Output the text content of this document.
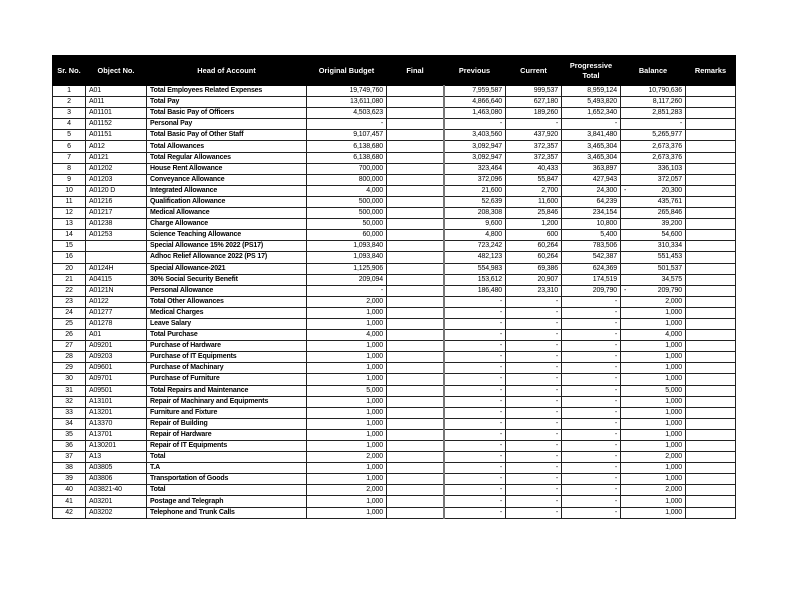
Sr. No.	Object No.	Head of Account	Original Budget	Final	Previous	Current	Progressive Total	Balance	Remarks
1	A01	Total Employees Related Expenses	19,749,760		7,959,587	999,537	8,959,124	10,790,636	
2	A011	Total Pay	13,611,080		4,866,640	627,180	5,493,820	8,117,260	
3	A01101	Total Basic Pay of Officers	4,503,623		1,463,080	189,260	1,652,340	2,851,283	
4	A01152	Personal Pay	-		-	-	-	-	
5	A01151	Total Basic Pay of Other Staff	9,107,457		3,403,560	437,920	3,841,480	5,265,977	
6	A012	Total Allowances	6,138,680		3,092,947	372,357	3,465,304	2,673,376	
7	A0121	Total Regular Allowances	6,138,680		3,092,947	372,357	3,465,304	2,673,376	
8	A01202	House Rent Allowance	700,000		323,464	40,433	363,897	336,103	
9	A01203	Conveyance Allowance	800,000		372,096	55,847	427,943	372,057	
10	A0120 D	Integrated Allowance	4,000		21,600	2,700	24,300	- 20,300	
11	A01216	Qualification Allowance	500,000		52,639	11,600	64,239	435,761	
12	A01217	Medical Allowance	500,000		208,308	25,846	234,154	265,846	
13	A01238	Charge Allowance	50,000		9,600	1,200	10,800	39,200	
14	A01253	Science Teaching Allowance	60,000		4,800	600	5,400	54,600	
15		Special Allowance 15% 2022 (PS17)	1,093,840		723,242	60,264	783,506	310,334	
16		Adhoc Relief Allowance 2022 (PS 17)	1,093,840		482,123	60,264	542,387	551,453	
20	A0124H	Special Allowance-2021	1,125,906		554,983	69,386	624,369	501,537	
21	A04115	30% Social Security Benefit	209,094		153,612	20,907	174,519	34,575	
22	A0121N	Personal Allowance	-		186,480	23,310	209,790	- 209,790	
23	A0122	Total Other Allowances	2,000		-	-	-	2,000	
24	A01277	Medical Charges	1,000		-	-	-	1,000	
25	A01278	Leave Salary	1,000		-	-	-	1,000	
26	A01	Total Purchase	4,000		-	-	-	4,000	
27	A09201	Purchase of Hardware	1,000		-	-	-	1,000	
28	A09203	Purchase of IT Equipments	1,000		-	-	-	1,000	
29	A09601	Purchase of Machinary	1,000		-	-	-	1,000	
30	A09701	Purchase of Furniture	1,000		-	-	-	1,000	
31	A09501	Total Repairs and Maintenance	5,000		-	-	-	5,000	
32	A13101	Repair of Machinary and Equipments	1,000		-	-	-	1,000	
33	A13201	Furniture and Fixture	1,000		-	-	-	1,000	
34	A13370	Repair of Building	1,000		-	-	-	1,000	
35	A13701	Repair of Hardware	1,000		-	-	-	1,000	
36	A130201	Repair of IT Equipments	1,000		-	-	-	1,000	
37	A13	Total	2,000		-	-	-	2,000	
38	A03805	T.A	1,000		-	-	-	1,000	
39	A03806	Transportation of Goods	1,000		-	-	-	1,000	
40	A03821-40	Total	2,000		-	-	-	2,000	
41	A03201	Postage and Telegraph	1,000		-	-	-	1,000	
42	A03202	Telephone and Trunk Calls	1,000		-	-	-	1,000	
